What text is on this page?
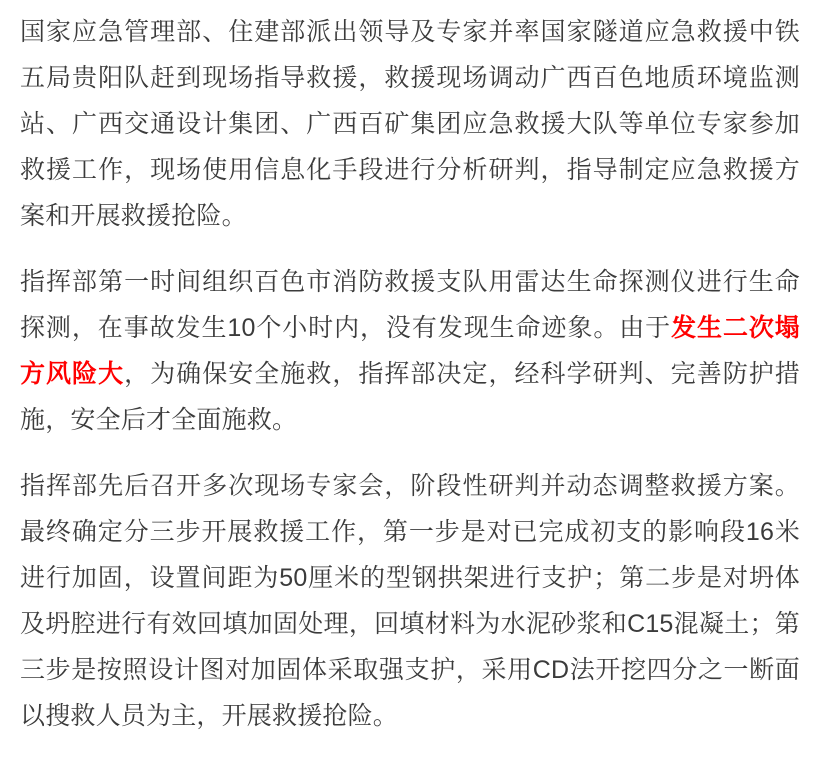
国家应急管理部、住建部派出领导及专家并率国家隧道应急救援中铁五局贵阳队赶到现场指导救援，救援现场调动广西百色地质环境监测站、广西交通设计集团、广西百矿集团应急救援大队等单位专家参加救援工作，现场使用信息化手段进行分析研判，指导制定应急救援方案和开展救援抢险。

指挥部第一时间组织百色市消防救援支队用雷达生命探测仪进行生命探测，在事故发生10个小时内，没有发现生命迹象。由于发生二次塌方风险大，为确保安全施救，指挥部决定，经科学研判、完善防护措施，安全后才全面施救。

指挥部先后召开多次现场专家会，阶段性研判并动态调整救援方案。最终确定分三步开展救援工作，第一步是对已完成初支的影响段16米进行加固，设置间距为50厘米的型钢拱架进行支护；第二步是对坍体及坍腔进行有效回填加固处理，回填材料为水泥砂浆和C15混凝土；第三步是按照设计图对加固体采取强支护，采用CD法开挖四分之一断面以搜救人员为主，开展救援抢险。
